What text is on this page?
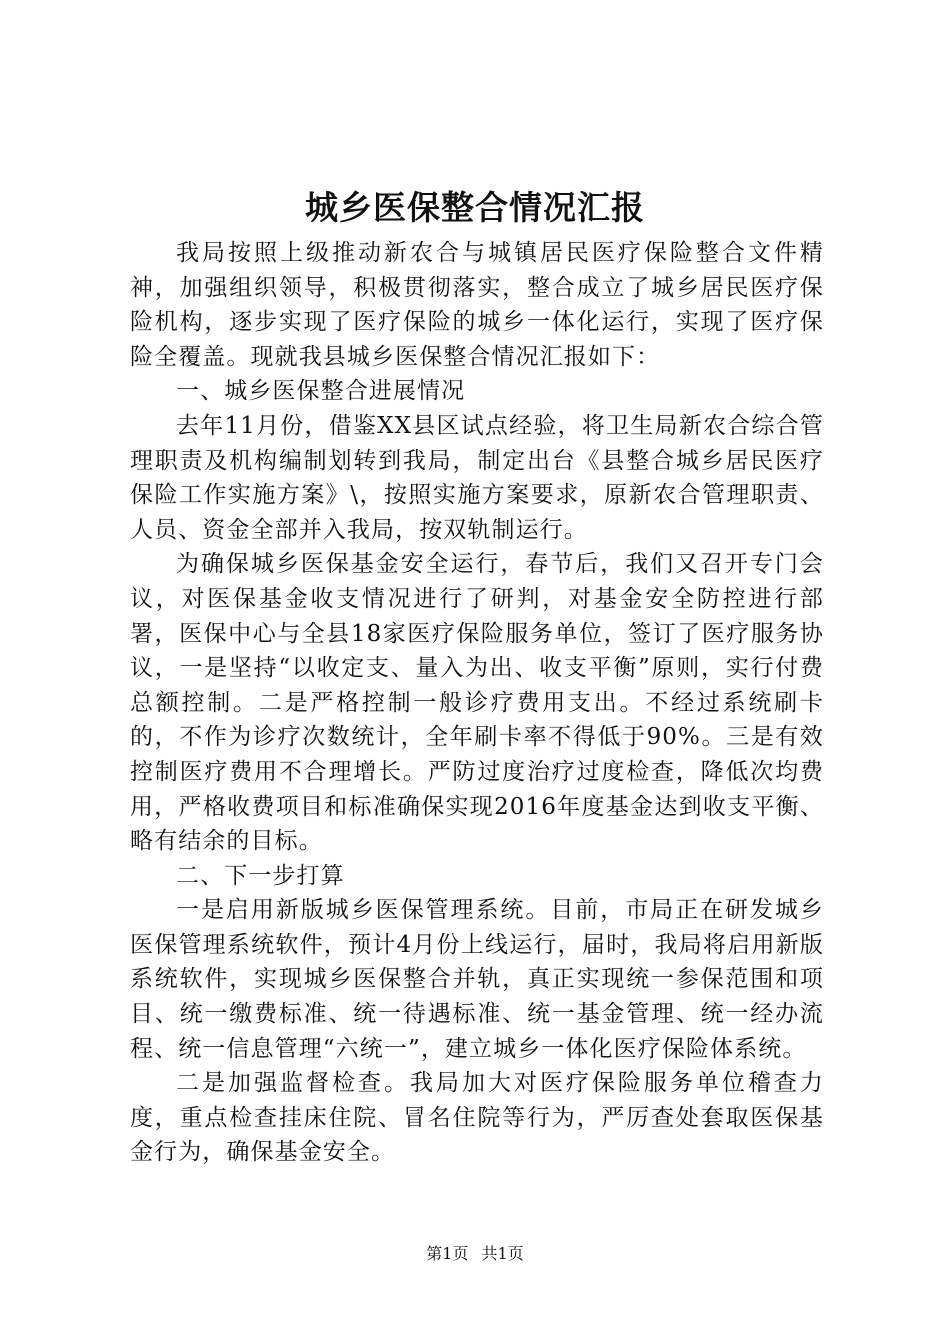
城乡医保整合情况汇报

我局按照上级推动新农合与城镇居民医疗保险整合文件精神，加强组织领导，积极贯彻落实，整合成立了城乡居民医疗保险机构，逐步实现了医疗保险的城乡一体化运行，实现了医疗保险全覆盖。现就我县城乡医保整合情况汇报如下：

一、城乡医保整合进展情况

去年11月份，借鉴XX县区试点经验，将卫生局新农合综合管理职责及机构编制划转到我局，制定出台《县整合城乡居民医疗保险工作实施方案》\，按照实施方案要求，原新农合管理职责、人员、资金全部并入我局，按双轨制运行。

为确保城乡医保基金安全运行，春节后，我们又召开专门会议，对医保基金收支情况进行了研判，对基金安全防控进行部署，医保中心与全县18家医疗保险服务单位，签订了医疗服务协议，一是坚持“以收定支、量入为出、收支平衡”原则，实行付费总额控制。二是严格控制一般诊疗费用支出。不经过系统刷卡的，不作为诊疗次数统计，全年刷卡率不得低于90%。三是有效控制医疗费用不合理增长。严防过度治疗过度检查，降低次均费用，严格收费项目和标准确保实现2016年度基金达到收支平衡、略有结余的目标。

二、下一步打算

一是启用新版城乡医保管理系统。目前，市局正在研发城乡医保管理系统软件，预计4月份上线运行，届时，我局将启用新版系统软件，实现城乡医保整合并轨，真正实现统一参保范围和项目、统一缴费标准、统一待遇标准、统一基金管理、统一经办流程、统一信息管理“六统一”，建立城乡一体化医疗保险体系统。

二是加强监督检查。我局加大对医疗保险服务单位稽查力度，重点检查挂床住院、冒名住院等行为，严厉查处套取医保基金行为，确保基金安全。

第1页 共1页
